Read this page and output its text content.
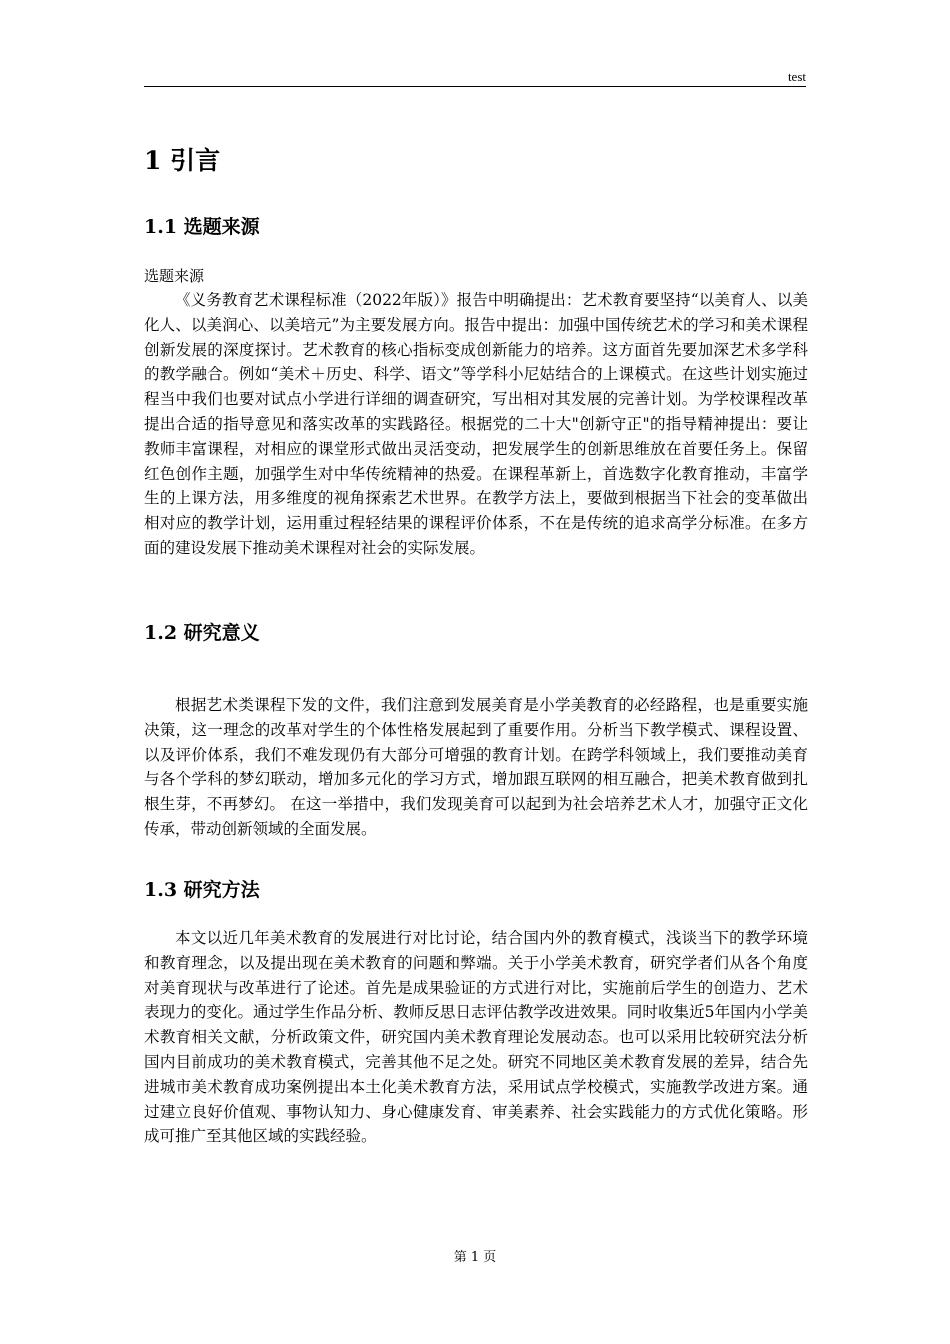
test
1 引言
1.1 选题来源

选题来源

《义务教育艺术课程标准（2022年版）》报告中明确提出：艺术教育要坚持“以美育人、以美化人、以美润心、以美培元”为主要发展方向。报告中提出：加强中国传统艺术的学习和美术课程创新发展的深度探讨。艺术教育的核心指标变成创新能力的培养。这方面首先要加深艺术多学科的教学融合。例如“美术＋历史、科学、语文”等学科小尼姑结合的上课模式。在这些计划实施过程当中我们也要对试点小学进行详细的调查研究，写出相对其发展的完善计划。为学校课程改革提出合适的指导意见和落实改革的实践路径。根据党的二十大"创新守正"的指导精神提出：要让教师丰富课程，对相应的课堂形式做出灵活变动，把发展学生的创新思维放在首要任务上。保留红色创作主题，加强学生对中华传统精神的热爱。在课程革新上，首选数字化教育推动，丰富学生的上课方法，用多维度的视角探索艺术世界。在教学方法上，要做到根据当下社会的变革做出相对应的教学计划，运用重过程轻结果的课程评价体系，不在是传统的追求高学分标准。在多方面的建设发展下推动美术课程对社会的实际发展。

1.2 研究意义

根据艺术类课程下发的文件，我们注意到发展美育是小学美教育的必经路程，也是重要实施决策，这一理念的改革对学生的个体性格发展起到了重要作用。分析当下教学模式、课程设置、以及评价体系，我们不难发现仍有大部分可增强的教育计划。在跨学科领域上，我们要推动美育与各个学科的梦幻联动，增加多元化的学习方式，增加跟互联网的相互融合，把美术教育做到扎根生芽，不再梦幻。 在这一举措中，我们发现美育可以起到为社会培养艺术人才，加强守正文化传承，带动创新领域的全面发展。

1.3 研究方法

本文以近几年美术教育的发展进行对比讨论，结合国内外的教育模式，浅谈当下的教学环境和教育理念，以及提出现在美术教育的问题和弊端。关于小学美术教育，研究学者们从各个角度对美育现状与改革进行了论述。首先是成果验证的方式进行对比，实施前后学生的创造力、艺术表现力的变化。通过学生作品分析、教师反思日志评估教学改进效果。同时收集近5年国内小学美术教育相关文献，分析政策文件，研究国内美术教育理论发展动态。也可以采用比较研究法分析国内目前成功的美术教育模式，完善其他不足之处。研究不同地区美术教育发展的差异，结合先进城市美术教育成功案例提出本土化美术教育方法，采用试点学校模式，实施教学改进方案。通过建立良好价值观、事物认知力、身心健康发育、审美素养、社会实践能力的方式优化策略。形成可推广至其他区域的实践经验。

第 1 页
